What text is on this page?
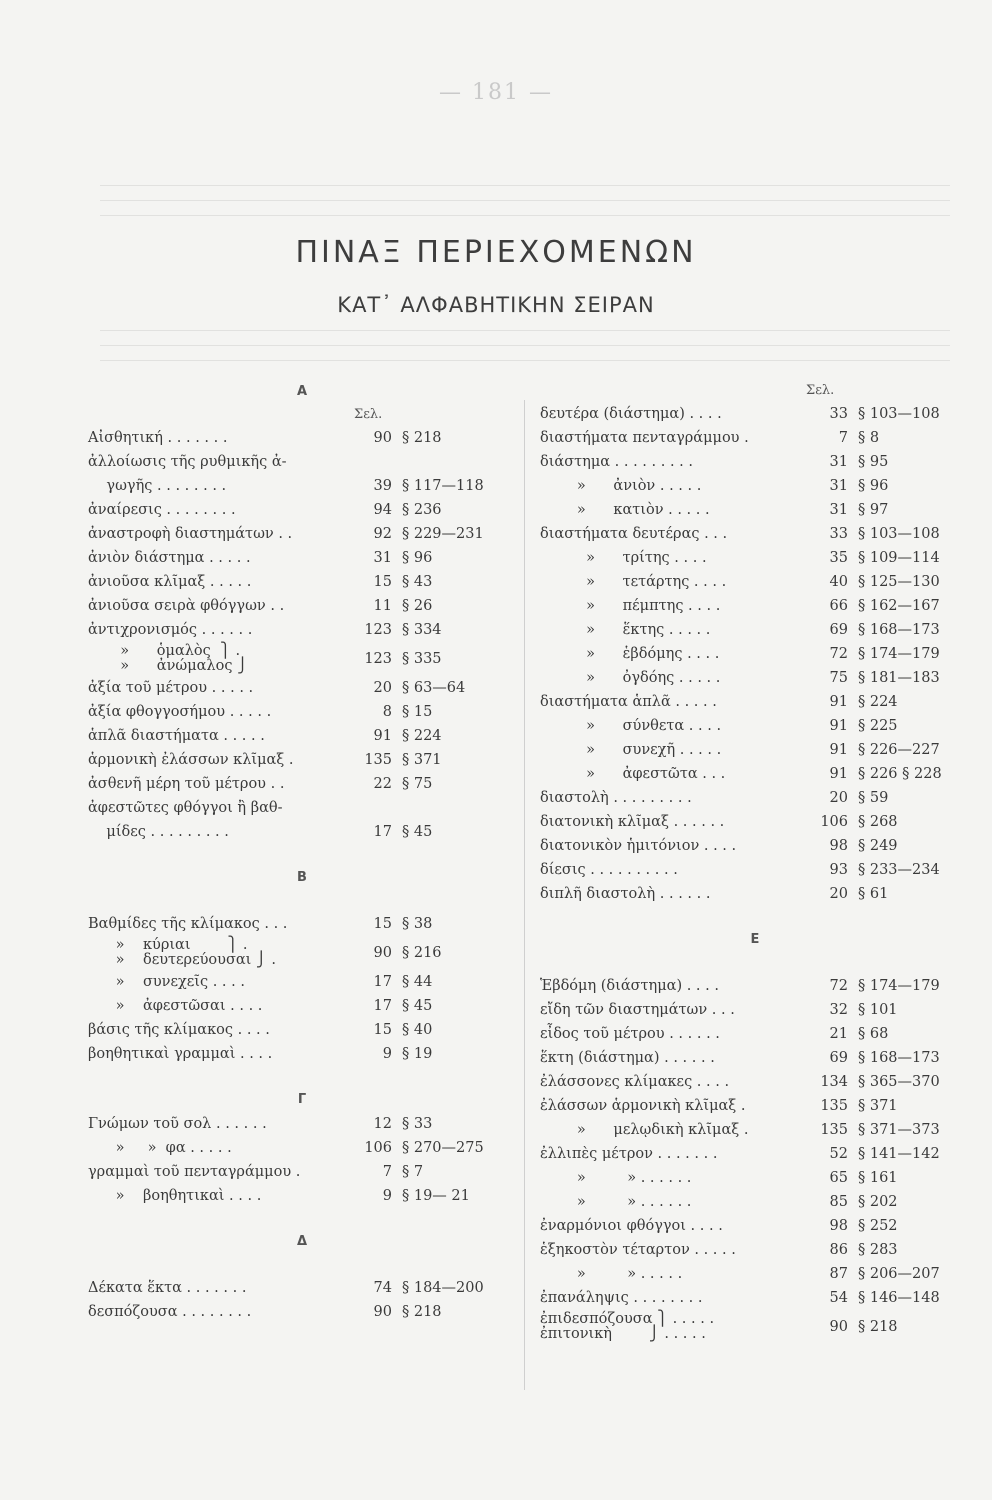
— 181 —
ΠΙΝΑΞ ΠΕΡΙΕΧΟΜΕΝΩΝ
ΚΑΤ᾿ ΑΛΦΑΒΗΤΙΚΗΝ ΣΕΙΡΑΝ
Α
Σελ.
Αἰσθητική . . . . . . .	90 § 218
ἀλλοίωσις τῆς ρυθμικῆς ἀ-
γωγῆς . . . . . . . .	39 § 117—118
ἀναίρεσις . . . . . . . .	94 § 236
ἀναστροφὴ διαστημάτων . .	92 § 229—231
ἀνιὸν διάστημα . . . . .	31 § 96
ἀνιοῦσα κλῖμαξ . . . . .	15 § 43
ἀνιοῦσα σειρὰ φθόγγων . .	11 § 26
ἀντιχρονισμός . . . . . .	123 § 334
»      ὁμαλὸς  ⎫ .
»      ἀνώμαλος ⎭	123 § 335
ἀξία τοῦ μέτρου . . . . .	20 § 63—64
ἀξία φθογγοσήμου . . . . .	8 § 15
ἁπλᾶ διαστήματα . . . . .	91 § 224
ἁρμονικὴ ἐλάσσων κλῖμαξ .	135 § 371
ἀσθενῆ μέρη τοῦ μέτρου . .	22 § 75
ἀφεστῶτες φθόγγοι ἢ βαθ-
μίδες . . . . . . . . .	17 § 45
Β
Βαθμίδες τῆς κλίμακος . . .	15 § 38
»    κύριαι        ⎫ .
»    δευτερεύουσαι ⎭ .	90 § 216
»    συνεχεῖς . . . .	17 § 44
»    ἀφεστῶσαι . . . .	17 § 45
βάσις τῆς κλίμακος . . . .	15 § 40
βοηθητικαὶ γραμμαὶ . . . .	9 § 19
Γ
Γνώμων τοῦ σολ . . . . . .	12 § 33
»     »  φα . . . . .	106 § 270—275
γραμμαὶ τοῦ πενταγράμμου .	7 § 7
»    βοηθητικαὶ . . . .	9 § 19— 21
Δ
Δέκατα ἕκτα . . . . . . .	74 § 184—200
δεσπόζουσα . . . . . . . .	90 § 218
Σελ.
δευτέρα (διάστημα) . . . .	33 § 103—108
διαστήματα πενταγράμμου .	7 § 8
διάστημα . . . . . . . . .	31 § 95
»      ἀνιὸν . . . . .	31 § 96
»      κατιὸν . . . . .	31 § 97
διαστήματα δευτέρας . . .	33 § 103—108
»      τρίτης . . . .	35 § 109—114
»      τετάρτης . . . .	40 § 125—130
»      πέμπτης . . . .	66 § 162—167
»      ἕκτης . . . . .	69 § 168—173
»      ἑβδόμης . . . .	72 § 174—179
»      ὀγδόης . . . . .	75 § 181—183
διαστήματα ἁπλᾶ . . . . .	91 § 224
»      σύνθετα . . . .	91 § 225
»      συνεχῆ . . . . .	91 § 226—227
»      ἀφεστῶτα . . .	91 § 226 § 228
διαστολὴ . . . . . . . . .	20 § 59
διατονικὴ κλῖμαξ . . . . . .	106 § 268
διατονικὸν ἡμιτόνιον . . . .	98 § 249
δίεσις . . . . . . . . . .	93 § 233—234
διπλῆ διαστολὴ . . . . . .	20 § 61
Ε
Ἑβδόμη (διάστημα) . . . .	72 § 174—179
εἴδη τῶν διαστημάτων . . .	32 § 101
εἶδος τοῦ μέτρου . . . . . .	21 § 68
ἕκτη (διάστημα) . . . . . .	69 § 168—173
ἐλάσσονες κλίμακες . . . .	134 § 365—370
ἐλάσσων ἁρμονικὴ κλῖμαξ .	135 § 371
»      μελῳδικὴ κλῖμαξ .	135 § 371—373
ἐλλιπὲς μέτρον . . . . . . .	52 § 141—142
»         » . . . . . .	65 § 161
»         » . . . . . .	85 § 202
ἐναρμόνιοι φθόγγοι . . . .	98 § 252
ἑξηκοστὸν τέταρτον . . . . .	86 § 283
»         » . . . . .	87 § 206—207
ἐπανάληψις . . . . . . . .	54 § 146—148
ἐπιδεσπόζουσα ⎫ . . . . .
ἐπιτονικὴ        ⎭ . . . . .	90 § 218
